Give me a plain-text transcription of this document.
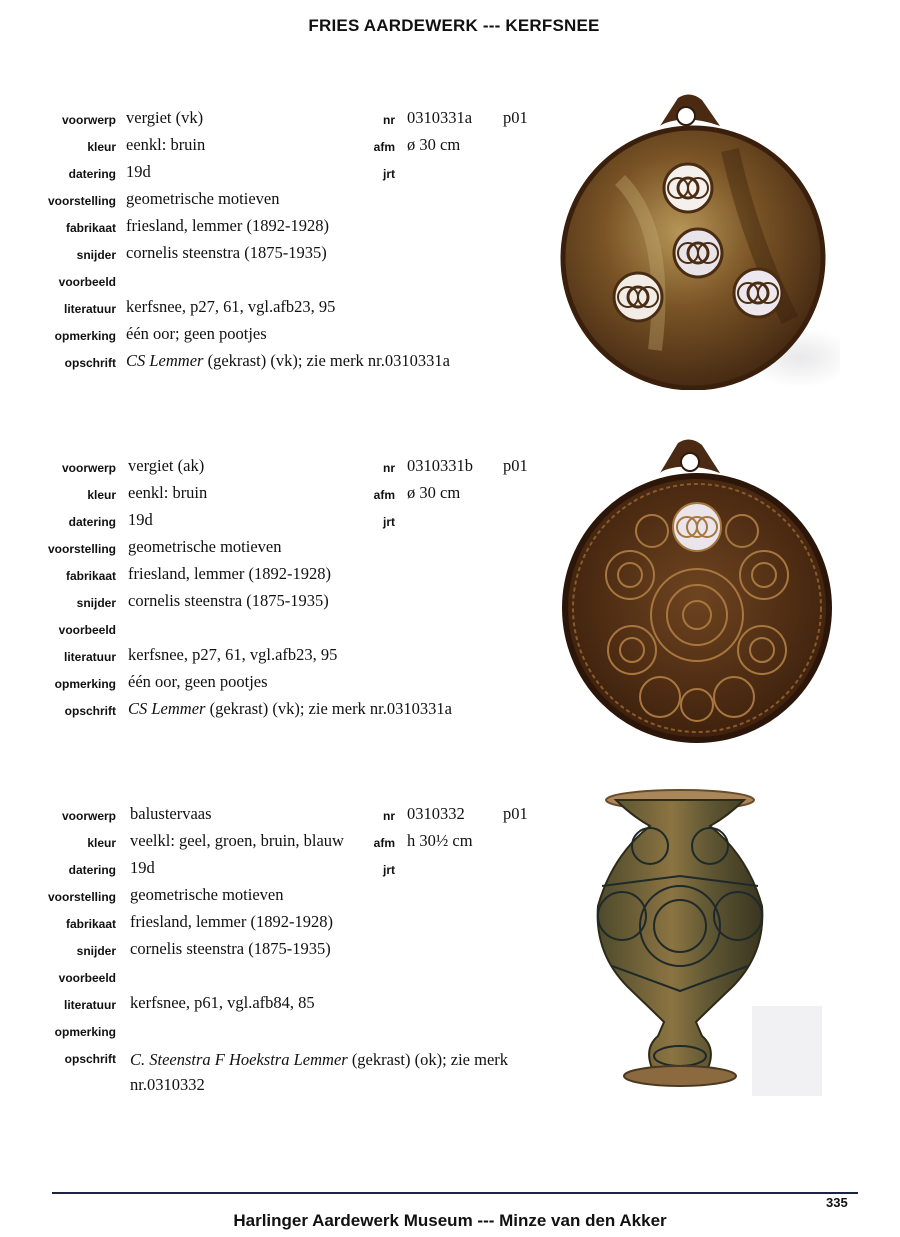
FRIES AARDEWERK --- KERFSNEE
voorwerp vergiet (vk)	nr 0310331a p01
kleur eenkl: bruin	afm ø 30 cm
datering 19d	jrt
voorstelling geometrische motieven
fabrikaat friesland, lemmer (1892-1928)
snijder cornelis steenstra (1875-1935)
voorbeeld
literatuur kerfsnee, p27, 61, vgl.afb23, 95
opmerking één oor; geen pootjes
opschrift CS Lemmer (gekrast) (vk); zie merk nr.0310331a
voorwerp vergiet (ak)	nr 0310331b p01
kleur eenkl: bruin	afm ø 30 cm
datering 19d	jrt
voorstelling geometrische motieven
fabrikaat friesland, lemmer (1892-1928)
snijder cornelis steenstra (1875-1935)
voorbeeld
literatuur kerfsnee, p27, 61, vgl.afb23, 95
opmerking één oor, geen pootjes
opschrift CS Lemmer (gekrast) (vk); zie merk nr.0310331a
voorwerp balustervaas	nr 0310332 p01
kleur veelkl: geel, groen, bruin, blauw afm h 30½ cm
datering 19d	jrt
voorstelling geometrische motieven
fabrikaat friesland, lemmer (1892-1928)
snijder cornelis steenstra (1875-1935)
voorbeeld
literatuur kerfsnee, p61, vgl.afb84, 85
opmerking
opschrift C. Steenstra F Hoekstra Lemmer (gekrast) (ok); zie merk nr.0310332
335
Harlinger Aardewerk Museum --- Minze van den Akker
